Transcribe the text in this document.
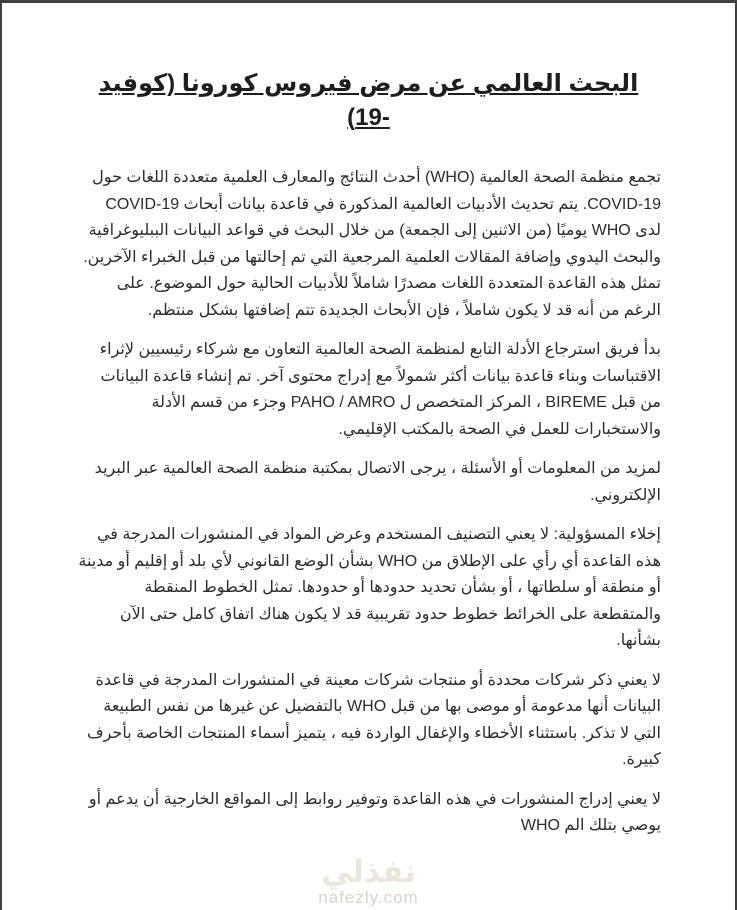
البحث العالمي عن مرض فيروس كورونا (كوفيد -19)

تجمع منظمة الصحة العالمية (WHO) أحدث النتائج والمعارف العلمية متعددة اللغات حول COVID-19. يتم تحديث الأدبيات العالمية المذكورة في قاعدة بيانات أبحاث COVID-19 لدى WHO يوميًا (من الاثنين إلى الجمعة) من خلال البحث في قواعد البيانات الببليوغرافية والبحث اليدوي وإضافة المقالات العلمية المرجعية التي تم إحالتها من قبل الخبراء الآخرين. تمثل هذه القاعدة المتعددة اللغات مصدرًا شاملاً للأدبيات الحالية حول الموضوع. على الرغم من أنه قد لا يكون شاملاً ، فإن الأبحاث الجديدة تتم إضافتها بشكل منتظم.

بدأ فريق استرجاع الأدلة التابع لمنظمة الصحة العالمية التعاون مع شركاء رئيسيين لإثراء الاقتباسات وبناء قاعدة بيانات أكثر شمولاً مع إدراج محتوى آخر. تم إنشاء قاعدة البيانات من قبل BIREME ، المركز المتخصص ل PAHO / AMRO وجزء من قسم الأدلة والاستخبارات للعمل في الصحة بالمكتب الإقليمي.

لمزيد من المعلومات أو الأسئلة ، يرجى الاتصال بمكتبة منظمة الصحة العالمية عبر البريد الإلكتروني.

إخلاء المسؤولية: لا يعني التصنيف المستخدم وعرض المواد في المنشورات المدرجة في هذه القاعدة أي رأي على الإطلاق من WHO بشأن الوضع القانوني لأي بلد أو إقليم أو مدينة أو منطقة أو سلطاتها ، أو بشأن تحديد حدودها أو حدودها. تمثل الخطوط المنقطة والمتقطعة على الخرائط خطوط حدود تقريبية قد لا يكون هناك اتفاق كامل حتى الآن بشأنها.

لا يعني ذكر شركات محددة أو منتجات شركات معينة في المنشورات المدرجة في قاعدة البيانات أنها مدعومة أو موصى بها من قبل WHO بالتفضيل عن غيرها من نفس الطبيعة التي لا تذكر. باستثناء الأخطاء والإغفال الواردة فيه ، يتميز أسماء المنتجات الخاصة بأحرف كبيرة.

لا يعني إدراج المنشورات في هذه القاعدة وتوفير روابط إلى المواقع الخارجية أن يدعم أو يوصي بتلك الم WHO

نفذلي
nafezly.com
